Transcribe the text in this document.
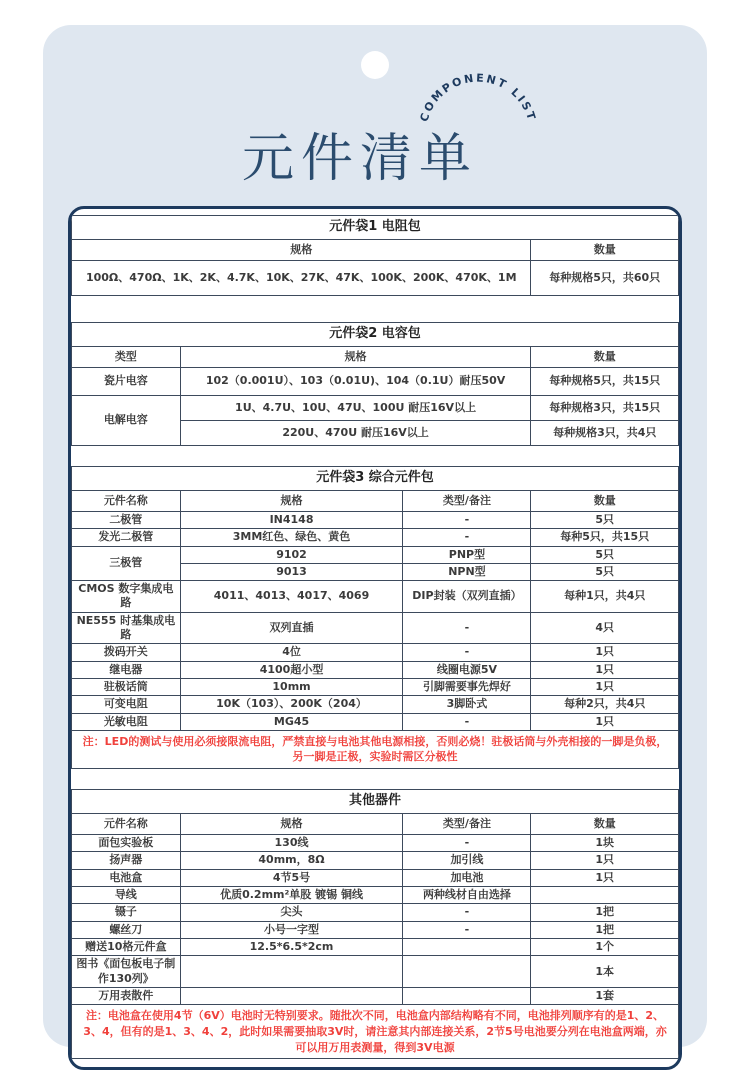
COMPONENT LIST
元件清单
元件袋1 电阻包	
规格	数量
100Ω、470Ω、1K、2K、4.7K、10K、27K、47K、100K、200K、470K、1M	每种规格5只，共60只
元件袋2 电容包		
类型	规格	数量
瓷片电容	102（0.001U）、103（0.01U)、104（0.1U）耐压50V	每种规格5只，共15只
电解电容	1U、4.7U、10U、47U、100U 耐压16V以上	每种规格3只，共15只
	220U、470U 耐压16V以上	每种规格3只，共4只
元件袋3 综合元件包			
元件名称	规格	类型/备注	数量
二极管	IN4148	-	5只
发光二极管	3MM红色、绿色、黄色	-	每种5只，共15只
三极管	9102	PNP型	5只
	9013	NPN型	5只
CMOS 数字集成电路	4011、4013、4017、4069	DIP封装（双列直插）	每种1只，共4只
NE555 时基集成电路	双列直插	-	4只
拨码开关	4位	-	1只
继电器	4100超小型	线圈电源5V	1只
驻极话筒	10mm	引脚需要事先焊好	1只
可变电阻	10K（103）、200K（204）	3脚卧式	每种2只，共4只
光敏电阻	MG45	-	1只
注：LED的测试与使用必须接限流电阻，严禁直接与电池其他电源相接，否则必烧！驻极话筒与外壳相接的一脚是负极，另一脚是正极，实验时需区分极性			
其他器件			
元件名称	规格	类型/备注	数量
面包实验板	130线	-	1块
扬声器	40mm，8Ω	加引线	1只
电池盒	4节5号	加电池	1只
导线	优质0.2mm²单股 镀锡 铜线	两种线材自由选择	
镊子	尖头	-	1把
螺丝刀	小号一字型	-	1把
赠送10格元件盒	12.5*6.5*2cm		1个
图书《面包板电子制作130列》			1本
万用表散件			1套
注：电池盒在使用4节（6V）电池时无特别要求。随批次不同，电池盒内部结构略有不同，电池排列顺序有的是1、2、3、4，但有的是1、3、4、2，此时如果需要抽取3V时，请注意其内部连接关系，2节5号电池要分列在电池盒两端，亦可以用万用表测量，得到3V电源			
